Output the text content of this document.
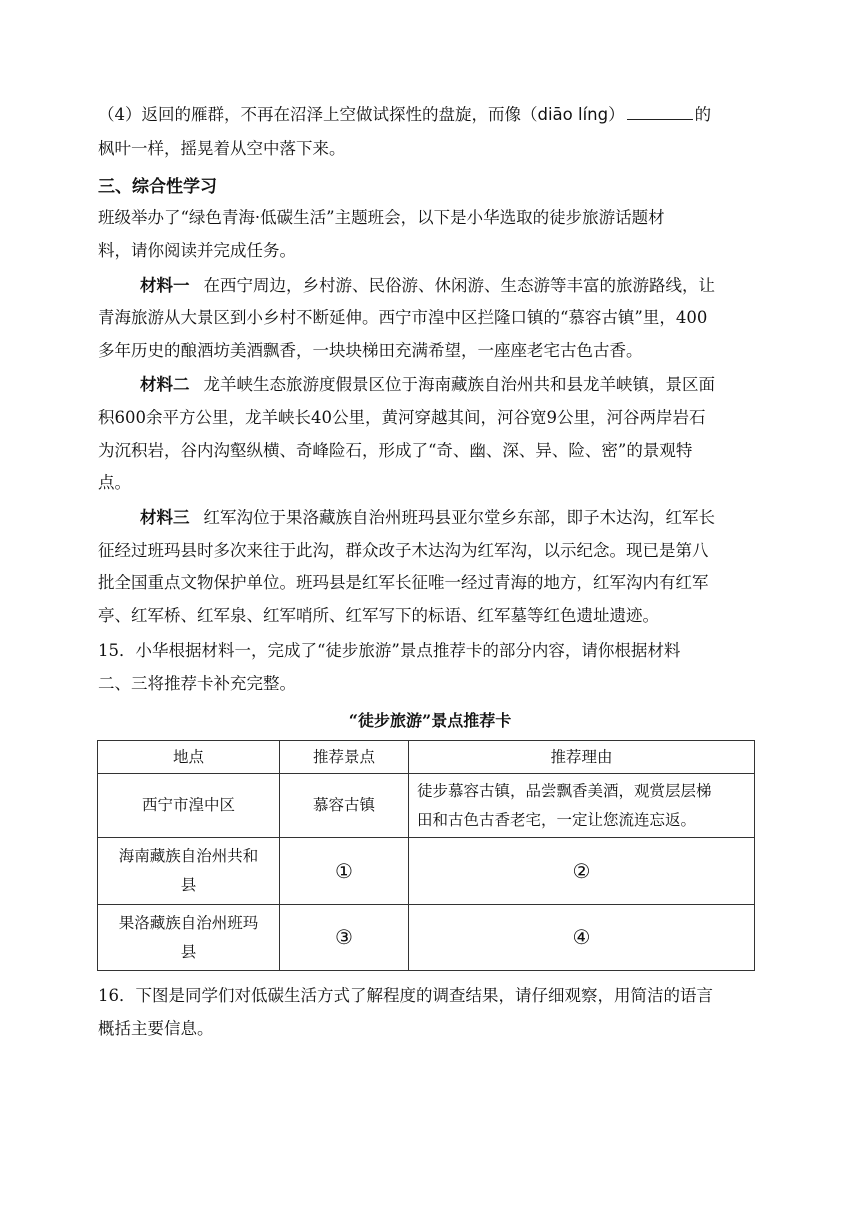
（4）返回的雁群，不再在沼泽上空做试探性的盘旋，而像（diāo líng）	的
枫叶一样，摇晃着从空中落下来。
三、综合性学习
班级举办了“绿色青海·低碳生活”主题班会，以下是小华选取的徒步旅游话题材
料，请你阅读并完成任务。
材料一 在西宁周边，乡村游、民俗游、休闲游、生态游等丰富的旅游路线，让
青海旅游从大景区到小乡村不断延伸。西宁市湟中区拦隆口镇的“慕容古镇”里，400
多年历史的酿酒坊美酒飘香，一块块梯田充满希望，一座座老宅古色古香。
材料二 龙羊峡生态旅游度假景区位于海南藏族自治州共和县龙羊峡镇，景区面
积600余平方公里，龙羊峡长40公里，黄河穿越其间，河谷宽9公里，河谷两岸岩石
为沉积岩，谷内沟壑纵横、奇峰险石，形成了“奇、幽、深、异、险、密”的景观特
点。
材料三 红军沟位于果洛藏族自治州班玛县亚尔堂乡东部，即子木达沟，红军长
征经过班玛县时多次来往于此沟，群众改子木达沟为红军沟，以示纪念。现已是第八
批全国重点文物保护单位。班玛县是红军长征唯一经过青海的地方，红军沟内有红军
亭、红军桥、红军泉、红军哨所、红军写下的标语、红军墓等红色遗址遗迹。
15．小华根据材料一，完成了“徒步旅游”景点推荐卡的部分内容，请你根据材料
二、三将推荐卡补充完整。
“徒步旅游”景点推荐卡
地点	推荐景点	推荐理由
西宁市湟中区	慕容古镇	徒步慕容古镇，品尝飘香美酒，观赏层层梯
田和古色古香老宅，一定让您流连忘返。

海南藏族自治州共和
县	①	②

果洛藏族自治州班玛
县	③	④
16．下图是同学们对低碳生活方式了解程度的调查结果，请仔细观察，用简洁的语言
概括主要信息。
